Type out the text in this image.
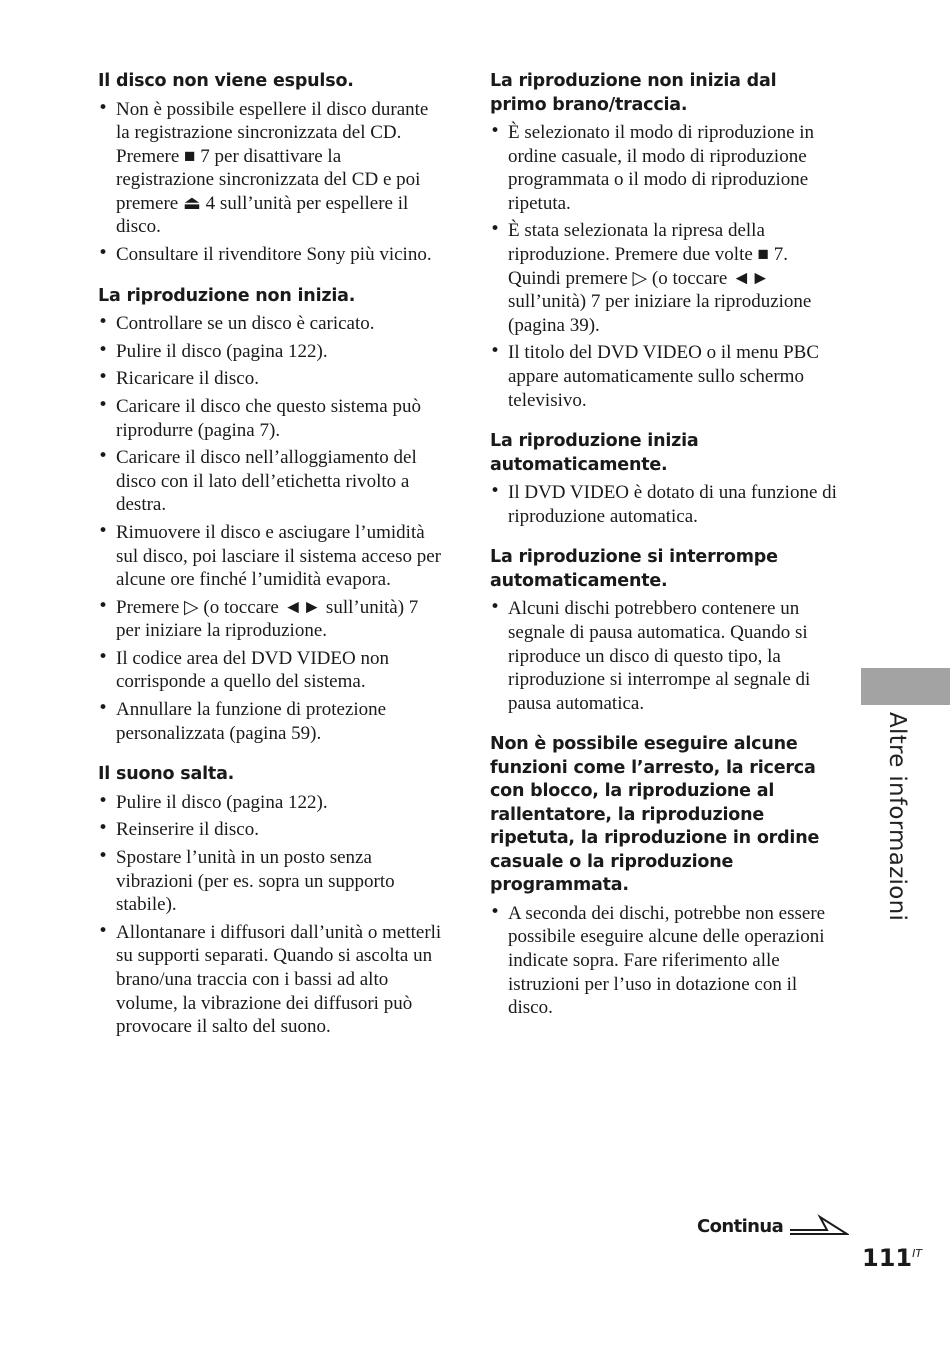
Il disco non viene espulso.
• Non è possibile espellere il disco durante la registrazione sincronizzata del CD. Premere ■ 7 per disattivare la registrazione sincronizzata del CD e poi premere ⏏ 4 sull’unità per espellere il disco.
• Consultare il rivenditore Sony più vicino.
La riproduzione non inizia.
• Controllare se un disco è caricato.
• Pulire il disco (pagina 122).
• Ricaricare il disco.
• Caricare il disco che questo sistema può riprodurre (pagina 7).
• Caricare il disco nell’alloggiamento del disco con il lato dell’etichetta rivolto a destra.
• Rimuovere il disco e asciugare l’umidità sul disco, poi lasciare il sistema acceso per alcune ore finché l’umidità evapora.
• Premere ▷ (o toccare ◄► sull’unità) 7 per iniziare la riproduzione.
• Il codice area del DVD VIDEO non corrisponde a quello del sistema.
• Annullare la funzione di protezione personalizzata (pagina 59).
Il suono salta.
• Pulire il disco (pagina 122).
• Reinserire il disco.
• Spostare l’unità in un posto senza vibrazioni (per es. sopra un supporto stabile).
• Allontanare i diffusori dall’unità o metterli su supporti separati. Quando si ascolta un brano/una traccia con i bassi ad alto volume, la vibrazione dei diffusori può provocare il salto del suono.
La riproduzione non inizia dal primo brano/traccia.
• È selezionato il modo di riproduzione in ordine casuale, il modo di riproduzione programmata o il modo di riproduzione ripetuta.
• È stata selezionata la ripresa della riproduzione. Premere due volte ■ 7. Quindi premere ▷ (o toccare ◄► sull’unità) 7 per iniziare la riproduzione (pagina 39).
• Il titolo del DVD VIDEO o il menu PBC appare automaticamente sullo schermo televisivo.
La riproduzione inizia automaticamente.
• Il DVD VIDEO è dotato di una funzione di riproduzione automatica.
La riproduzione si interrompe automaticamente.
• Alcuni dischi potrebbero contenere un segnale di pausa automatica. Quando si riproduce un disco di questo tipo, la riproduzione si interrompe al segnale di pausa automatica.
Non è possibile eseguire alcune funzioni come l’arresto, la ricerca con blocco, la riproduzione al rallentatore, la riproduzione ripetuta, la riproduzione in ordine casuale o la riproduzione programmata.
• A seconda dei dischi, potrebbe non essere possibile eseguire alcune delle operazioni indicate sopra. Fare riferimento alle istruzioni per l’uso in dotazione con il disco.
Altre informazioni
Continua
$111^{IT}$
